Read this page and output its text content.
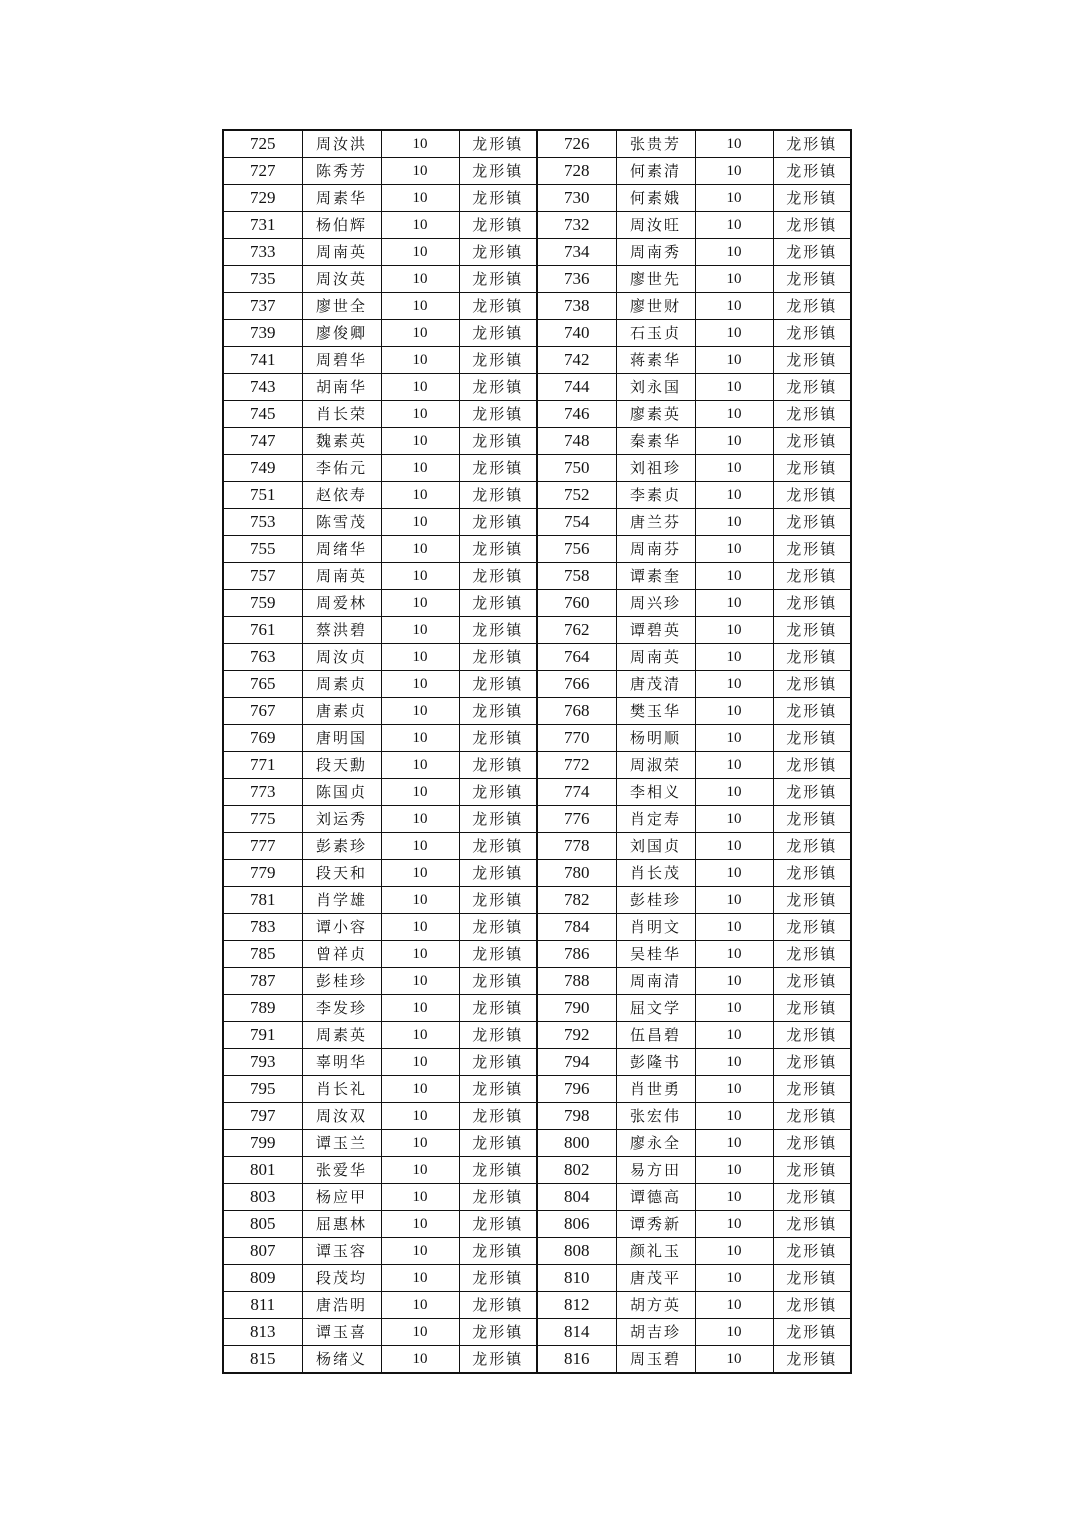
725	周汝洪	10	龙形镇	726	张贵芳	10	龙形镇
727	陈秀芳	10	龙形镇	728	何素清	10	龙形镇
729	周素华	10	龙形镇	730	何素娥	10	龙形镇
731	杨伯辉	10	龙形镇	732	周汝旺	10	龙形镇
733	周南英	10	龙形镇	734	周南秀	10	龙形镇
735	周汝英	10	龙形镇	736	廖世先	10	龙形镇
737	廖世全	10	龙形镇	738	廖世财	10	龙形镇
739	廖俊卿	10	龙形镇	740	石玉贞	10	龙形镇
741	周碧华	10	龙形镇	742	蒋素华	10	龙形镇
743	胡南华	10	龙形镇	744	刘永国	10	龙形镇
745	肖长荣	10	龙形镇	746	廖素英	10	龙形镇
747	魏素英	10	龙形镇	748	秦素华	10	龙形镇
749	李佑元	10	龙形镇	750	刘祖珍	10	龙形镇
751	赵依寿	10	龙形镇	752	李素贞	10	龙形镇
753	陈雪茂	10	龙形镇	754	唐兰芬	10	龙形镇
755	周绪华	10	龙形镇	756	周南芬	10	龙形镇
757	周南英	10	龙形镇	758	谭素奎	10	龙形镇
759	周爱林	10	龙形镇	760	周兴珍	10	龙形镇
761	蔡洪碧	10	龙形镇	762	谭碧英	10	龙形镇
763	周汝贞	10	龙形镇	764	周南英	10	龙形镇
765	周素贞	10	龙形镇	766	唐茂清	10	龙形镇
767	唐素贞	10	龙形镇	768	樊玉华	10	龙形镇
769	唐明国	10	龙形镇	770	杨明顺	10	龙形镇
771	段天勳	10	龙形镇	772	周淑荣	10	龙形镇
773	陈国贞	10	龙形镇	774	李相义	10	龙形镇
775	刘运秀	10	龙形镇	776	肖定寿	10	龙形镇
777	彭素珍	10	龙形镇	778	刘国贞	10	龙形镇
779	段天和	10	龙形镇	780	肖长茂	10	龙形镇
781	肖学雄	10	龙形镇	782	彭桂珍	10	龙形镇
783	谭小容	10	龙形镇	784	肖明文	10	龙形镇
785	曾祥贞	10	龙形镇	786	吴桂华	10	龙形镇
787	彭桂珍	10	龙形镇	788	周南清	10	龙形镇
789	李发珍	10	龙形镇	790	屈文学	10	龙形镇
791	周素英	10	龙形镇	792	伍昌碧	10	龙形镇
793	辜明华	10	龙形镇	794	彭隆书	10	龙形镇
795	肖长礼	10	龙形镇	796	肖世勇	10	龙形镇
797	周汝双	10	龙形镇	798	张宏伟	10	龙形镇
799	谭玉兰	10	龙形镇	800	廖永全	10	龙形镇
801	张爱华	10	龙形镇	802	易方田	10	龙形镇
803	杨应甲	10	龙形镇	804	谭德高	10	龙形镇
805	屈惠林	10	龙形镇	806	谭秀新	10	龙形镇
807	谭玉容	10	龙形镇	808	颜礼玉	10	龙形镇
809	段茂均	10	龙形镇	810	唐茂平	10	龙形镇
811	唐浩明	10	龙形镇	812	胡方英	10	龙形镇
813	谭玉喜	10	龙形镇	814	胡吉珍	10	龙形镇
815	杨绪义	10	龙形镇	816	周玉碧	10	龙形镇
